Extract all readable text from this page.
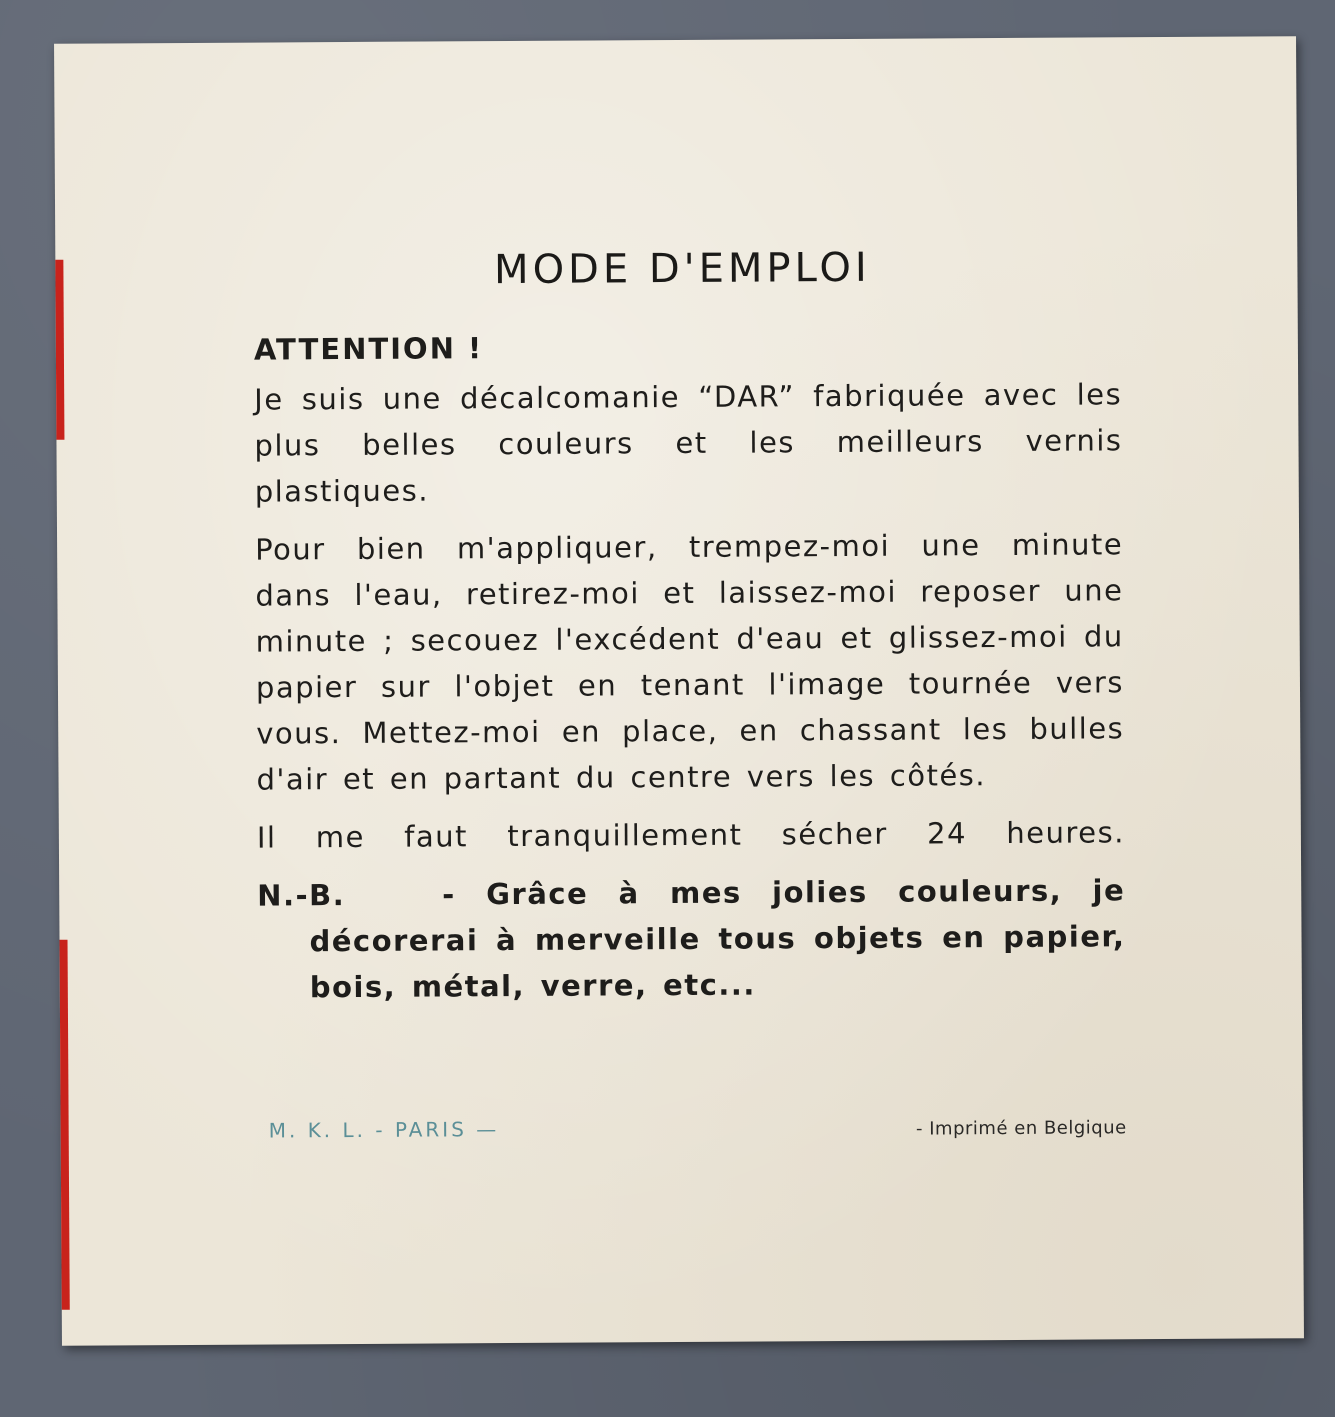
MODE D'EMPLOI
ATTENTION !

Je suis une décalcomanie “DAR” fabriquée avec les plus belles couleurs et les meilleurs vernis plastiques.

Pour bien m'appliquer, trempez-moi une minute dans l'eau, retirez-moi et laissez-moi reposer une minute ; secouez l'excédent d'eau et glissez-moi du papier sur l'objet en tenant l'image tournée vers vous. Mettez-moi en place, en chassant les bulles d'air et en partant du centre vers les côtés.

Il me faut tranquillement sécher 24 heures.

N.-B.	- Grâce à mes jolies couleurs, je décorerai à merveille tous objets en papier, bois, métal, verre, etc...
M. K. L. - PARIS —	- Imprimé en Belgique
